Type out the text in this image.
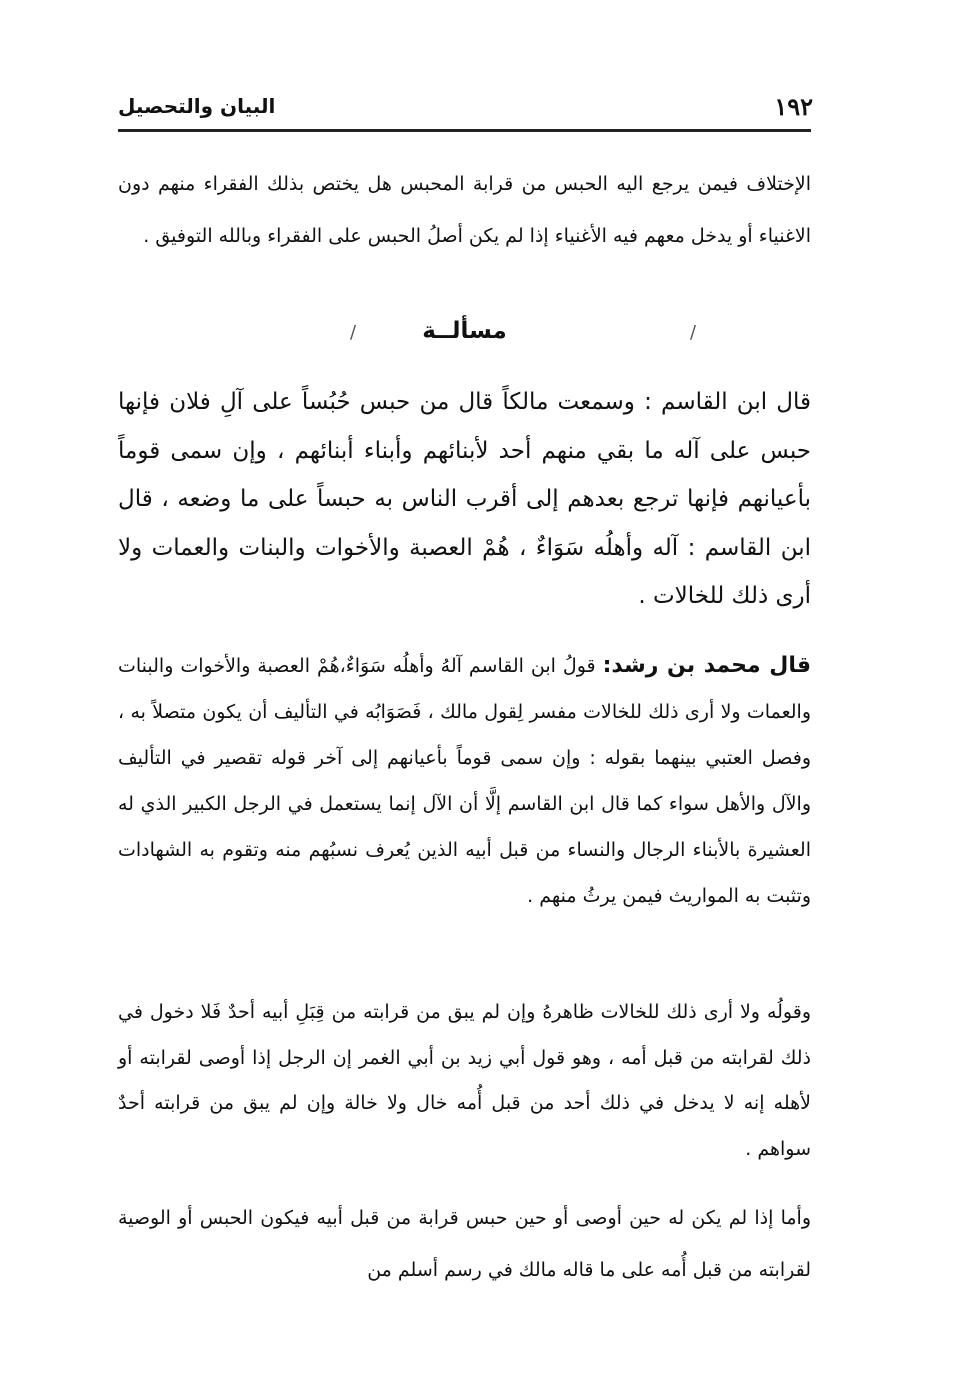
١٩٢
البيان والتحصيل

الإختلاف فيمن يرجع اليه الحبس من قرابة المحبس هل يختص بذلك الفقراء منهم دون الاغنياء أو يدخل معهم فيه الأغنياء إذا لم يكن أصلُ الحبس على الفقراء وبالله التوفيق .

مسألــة
/	/

قال ابن القاسم : وسمعت مالكاً قال من حبس حُبُساً على آلِ فلان فإنها حبس على آله ما بقي منهم أحد لأبنائهم وأبناء أبنائهم ، وإن سمى قوماً بأعيانهم فإنها ترجع بعدهم إلى أقرب الناس به حبساً على ما وضعه ، قال ابن القاسم : آله وأهلُه سَوَاءٌ ، هُمْ العصبة والأخوات والبنات والعمات ولا أرى ذلك للخالات .

قال محمد بن رشد: قولُ ابن القاسم آلهُ وأهلُه سَوَاءٌ،هُمْ العصبة والأخوات والبنات والعمات ولا أرى ذلك للخالات مفسر لِقول مالك ، فَصَوَابُه في التأليف أن يكون متصلاً به ، وفصل العتبي بينهما بقوله : وإن سمى قوماً بأعيانهم إلى آخر قوله تقصير في التأليف والآل والأهل سواء كما قال ابن القاسم إلَّا أن الآل إنما يستعمل في الرجل الكبير الذي له العشيرة بالأبناء الرجال والنساء من قبل أبيه الذين يُعرف نسبُهم منه وتقوم به الشهادات وتثبت به المواريث فيمن يرثُ منهم .

وقولُه ولا أرى ذلك للخالات ظاهرهُ وإن لم يبق من قرابته من قِبَلِ أبيه أحدٌ فَلا دخول في ذلك لقرابته من قبل أمه ، وهو قول أبي زيد بن أبي الغمر إن الرجل إذا أوصى لقرابته أو لأهله إنه لا يدخل في ذلك أحد من قبل أُمه خال ولا خالة وإن لم يبق من قرابته أحدٌ سواهم .

وأما إذا لم يكن له حين أوصى أو حين حبس قرابة من قبل أبيه فيكون الحبس أو الوصية لقرابته من قبل أُمه على ما قاله مالك في رسم أسلم من
